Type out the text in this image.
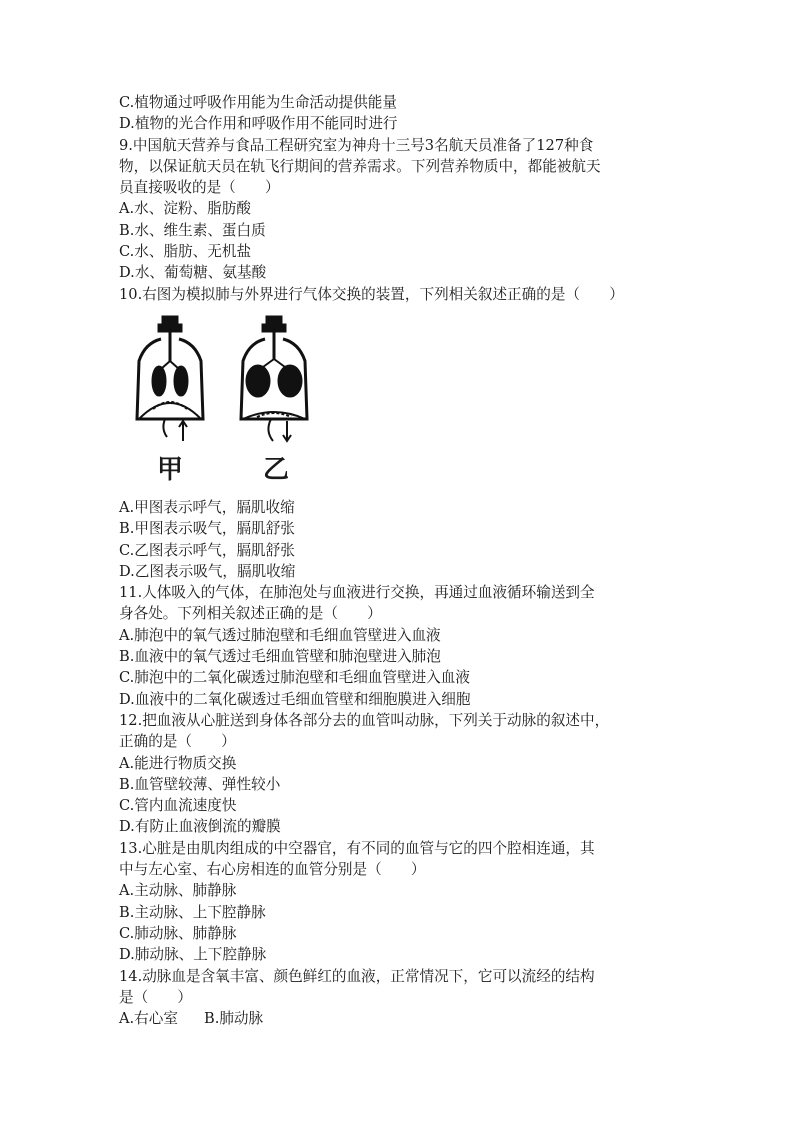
C.植物通过呼吸作用能为生命活动提供能量
D.植物的光合作用和呼吸作用不能同时进行
9.中国航天营养与食品工程研究室为神舟十三号3名航天员准备了127种食
物，以保证航天员在轨飞行期间的营养需求。下列营养物质中，都能被航天
员直接吸收的是（　　）
A.水、淀粉、脂肪酸
B.水、维生素、蛋白质
C.水、脂肪、无机盐
D.水、葡萄糖、氨基酸
10.右图为模拟肺与外界进行气体交换的装置，下列相关叙述正确的是（　　）
甲	乙
A.甲图表示呼气，膈肌收缩
B.甲图表示吸气，膈肌舒张
C.乙图表示呼气，膈肌舒张
D.乙图表示吸气，膈肌收缩
11.人体吸入的气体，在肺泡处与血液进行交换，再通过血液循环输送到全
身各处。下列相关叙述正确的是（　　）
A.肺泡中的氧气透过肺泡壁和毛细血管壁进入血液
B.血液中的氧气透过毛细血管壁和肺泡壁进入肺泡
C.肺泡中的二氧化碳透过肺泡壁和毛细血管壁进入血液
D.血液中的二氧化碳透过毛细血管壁和细胞膜进入细胞
12.把血液从心脏送到身体各部分去的血管叫动脉，下列关于动脉的叙述中，
正确的是（　　）
A.能进行物质交换
B.血管壁较薄、弹性较小
C.管内血流速度快
D.有防止血液倒流的瓣膜
13.心脏是由肌肉组成的中空器官，有不同的血管与它的四个腔相连通，其
中与左心室、右心房相连的血管分别是（　　）
A.主动脉、肺静脉
B.主动脉、上下腔静脉
C.肺动脉、肺静脉
D.肺动脉、上下腔静脉
14.动脉血是含氧丰富、颜色鲜红的血液，正常情况下，它可以流经的结构
是（　　）
A.右心室 B.肺动脉
